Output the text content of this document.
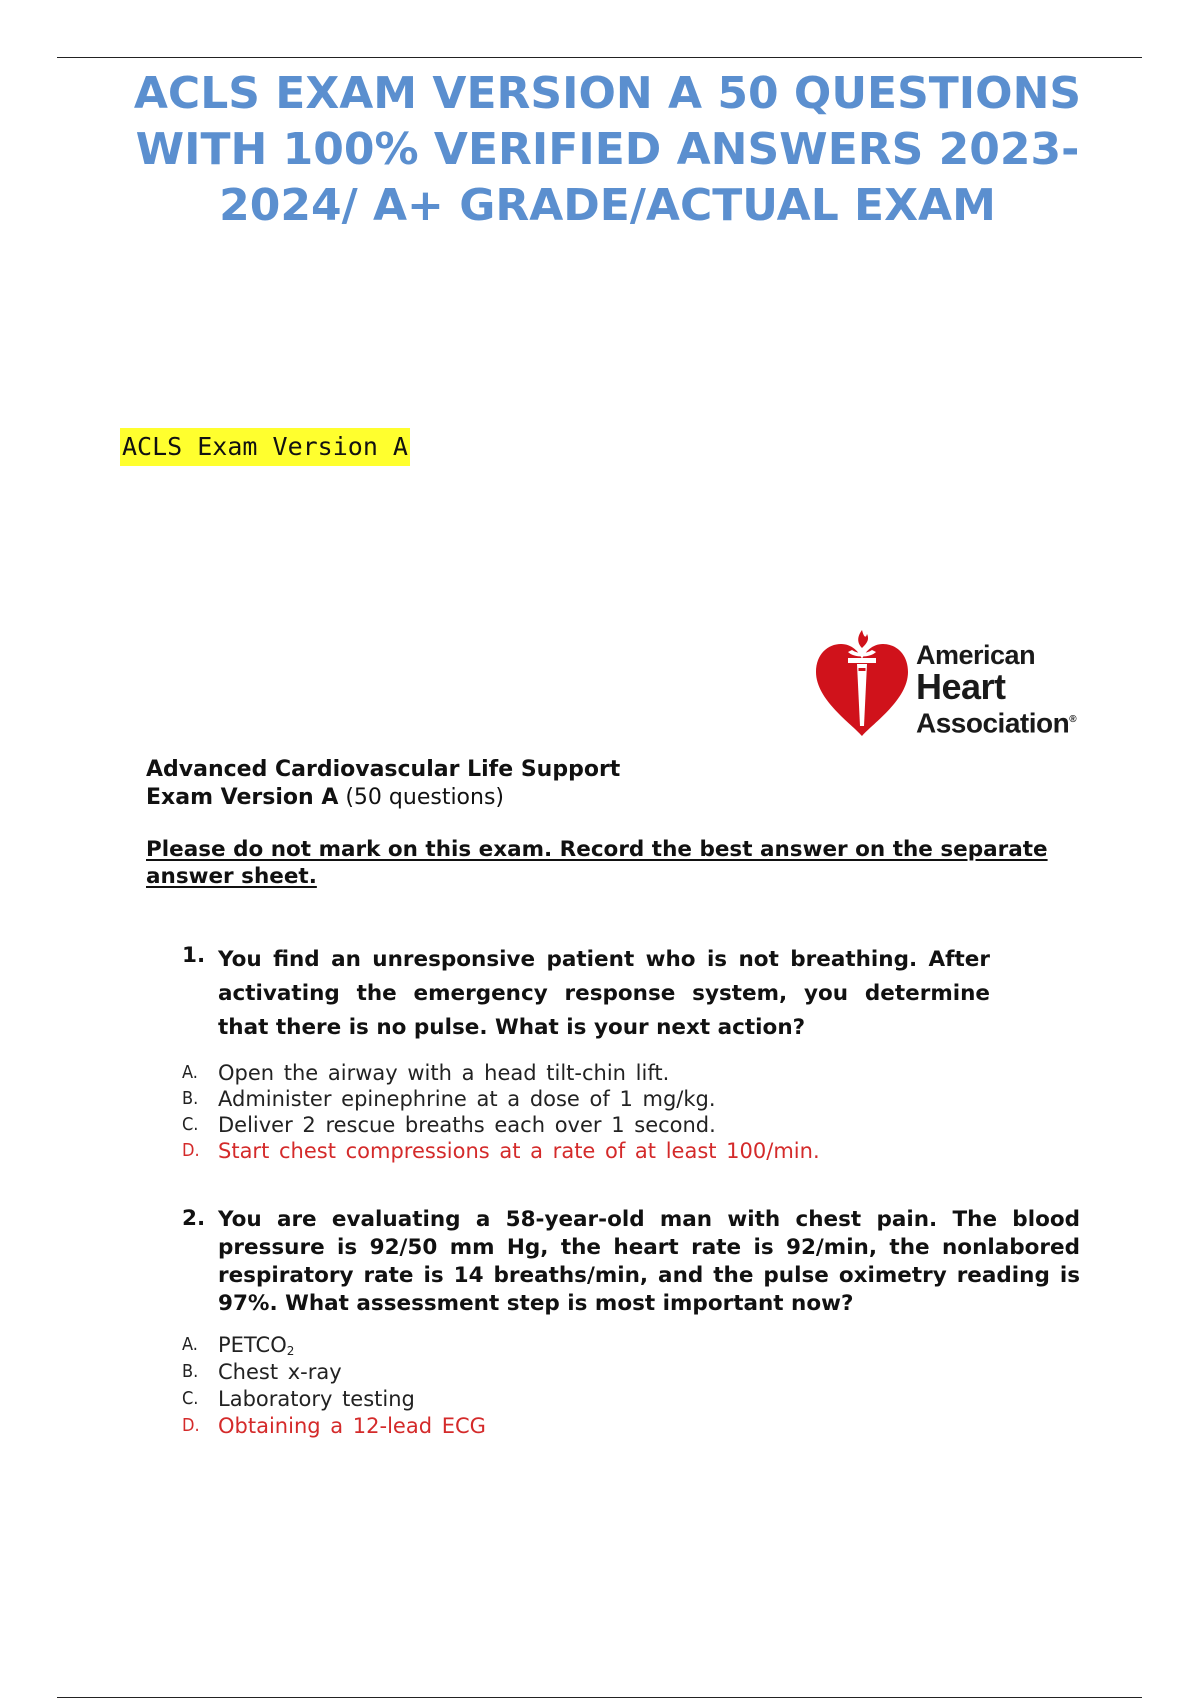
ACLS EXAM VERSION A 50 QUESTIONS WITH 100% VERIFIED ANSWERS 2023-2024/ A+ GRADE/ACTUAL EXAM
ACLS Exam Version A
American
Heart
Association®
Advanced Cardiovascular Life Support
Exam Version A (50 questions)
Please do not mark on this exam. Record the best answer on the separate answer sheet.
1. You find an unresponsive patient who is not breathing. After activating the emergency response system, you determine that there is no pulse. What is your next action?
A. Open the airway with a head tilt-chin lift.
B. Administer epinephrine at a dose of 1 mg/kg.
C. Deliver 2 rescue breaths each over 1 second.
D. Start chest compressions at a rate of at least 100/min.
2. You are evaluating a 58-year-old man with chest pain. The blood pressure is 92/50 mm Hg, the heart rate is 92/min, the nonlabored respiratory rate is 14 breaths/min, and the pulse oximetry reading is 97%. What assessment step is most important now?
A. $PETCO_2$
B. Chest x-ray
C. Laboratory testing
D. Obtaining a 12-lead ECG
